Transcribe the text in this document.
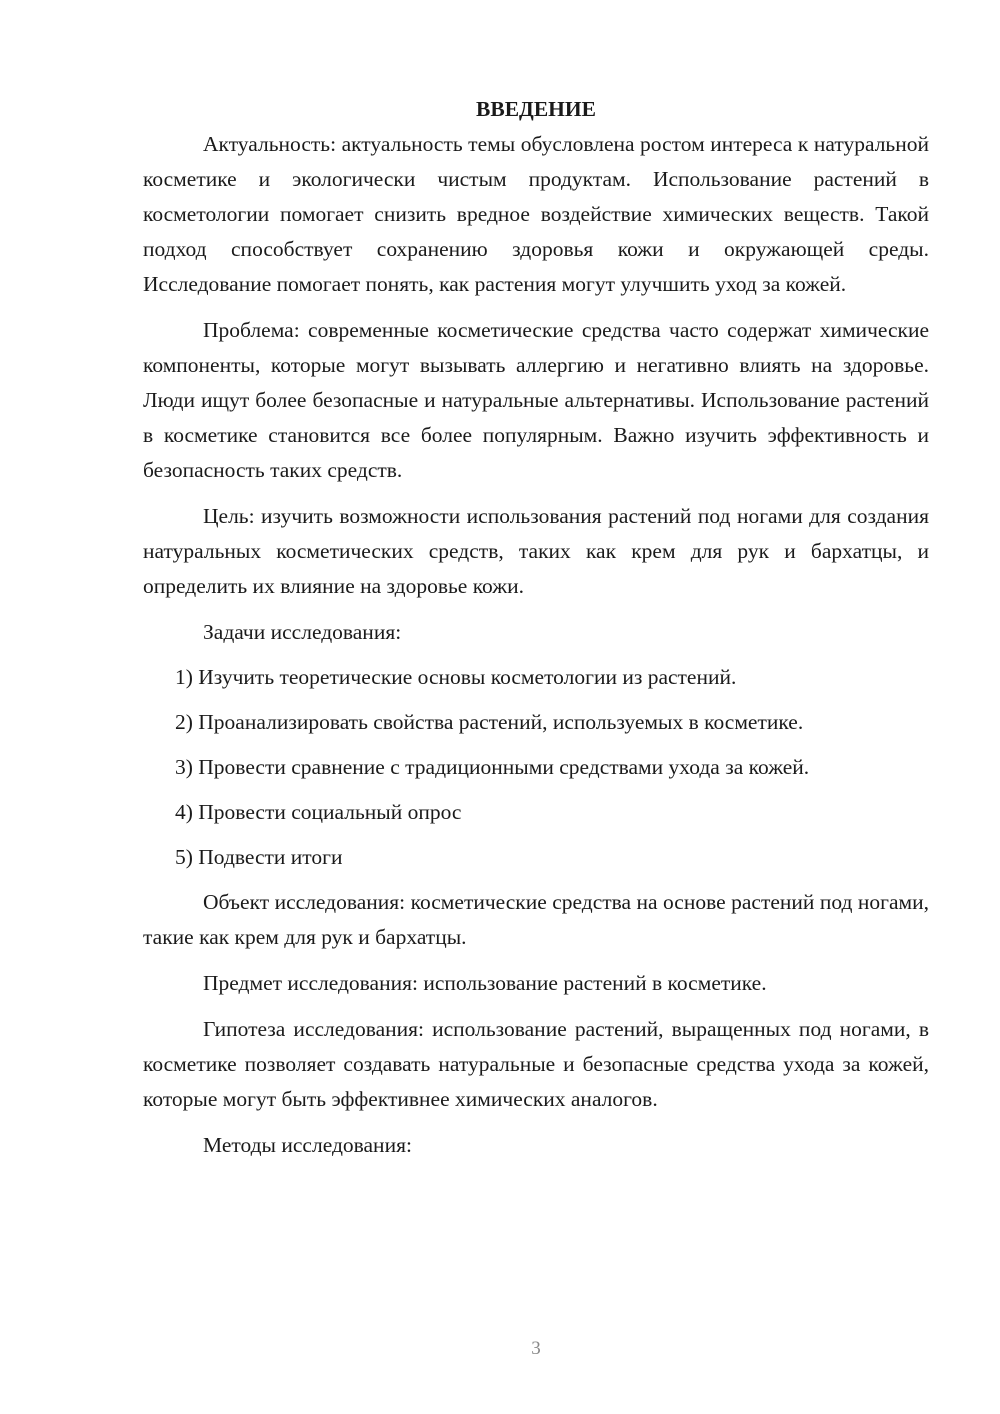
ВВЕДЕНИЕ

Актуальность: актуальность темы обусловлена ростом интереса к натуральной косметике и экологически чистым продуктам. Использование растений в косметологии помогает снизить вредное воздействие химических веществ. Такой подход способствует сохранению здоровья кожи и окружающей среды. Исследование помогает понять, как растения могут улучшить уход за кожей.

Проблема: современные косметические средства часто содержат химические компоненты, которые могут вызывать аллергию и негативно влиять на здоровье. Люди ищут более безопасные и натуральные альтернативы. Использование растений в косметике становится все более популярным. Важно изучить эффективность и безопасность таких средств.

Цель: изучить возможности использования растений под ногами для создания натуральных косметических средств, таких как крем для рук и бархатцы, и определить их влияние на здоровье кожи.

Задачи исследования:

1) Изучить теоретические основы косметологии из растений.

2) Проанализировать свойства растений, используемых в косметике.

3) Провести сравнение с традиционными средствами ухода за кожей.

4) Провести социальный опрос

5) Подвести итоги

Объект исследования: косметические средства на основе растений под ногами, такие как крем для рук и бархатцы.

Предмет исследования: использование растений в косметике.

Гипотеза исследования: использование растений, выращенных под ногами, в косметике позволяет создавать натуральные и безопасные средства ухода за кожей, которые могут быть эффективнее химических аналогов.

Методы исследования:

3
